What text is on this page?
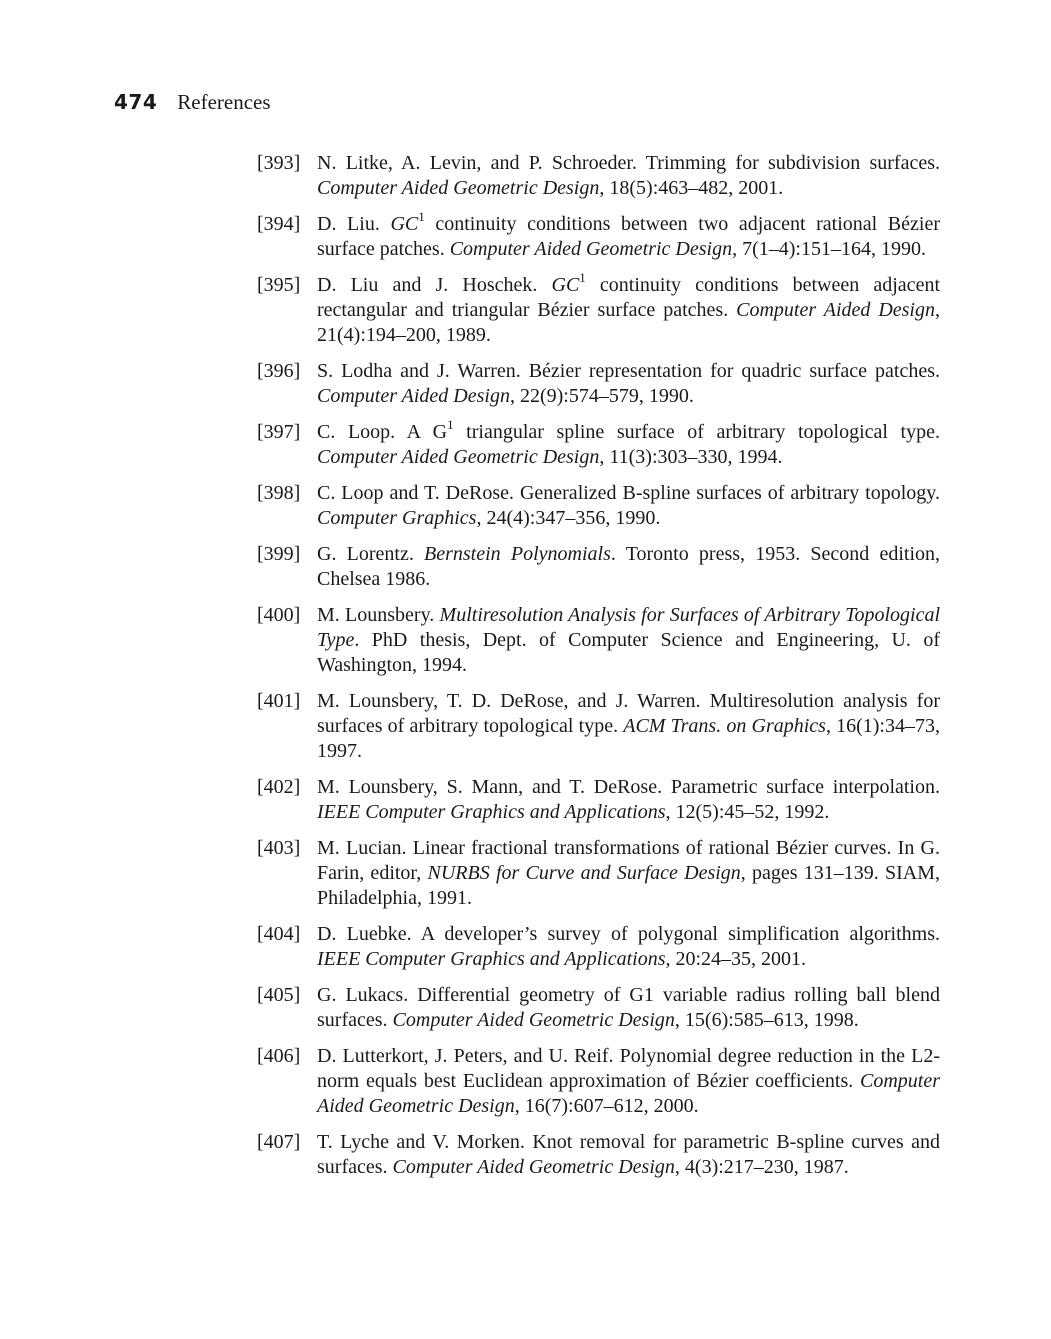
474 References
[393] N. Litke, A. Levin, and P. Schroeder. Trimming for subdivision surfaces. Computer Aided Geometric Design, 18(5):463–482, 2001.
[394] D. Liu. $GC^1$ continuity conditions between two adjacent rational Bézier surface patches. Computer Aided Geometric Design, 7(1–4):151–164, 1990.
[395] D. Liu and J. Hoschek. $GC^1$ continuity conditions between adjacent rectangular and triangular Bézier surface patches. Computer Aided Design, 21(4):194–200, 1989.
[396] S. Lodha and J. Warren. Bézier representation for quadric surface patches. Computer Aided Design, 22(9):574–579, 1990.
[397] C. Loop. A $G^1$ triangular spline surface of arbitrary topological type. Computer Aided Geometric Design, 11(3):303–330, 1994.
[398] C. Loop and T. DeRose. Generalized B-spline surfaces of arbitrary topology. Computer Graphics, 24(4):347–356, 1990.
[399] G. Lorentz. Bernstein Polynomials. Toronto press, 1953. Second edition, Chelsea 1986.
[400] M. Lounsbery. Multiresolution Analysis for Surfaces of Arbitrary Topological Type. PhD thesis, Dept. of Computer Science and Engineering, U. of Washington, 1994.
[401] M. Lounsbery, T. D. DeRose, and J. Warren. Multiresolution analysis for surfaces of arbitrary topological type. ACM Trans. on Graphics, 16(1):34–73, 1997.
[402] M. Lounsbery, S. Mann, and T. DeRose. Parametric surface interpolation. IEEE Computer Graphics and Applications, 12(5):45–52, 1992.
[403] M. Lucian. Linear fractional transformations of rational Bézier curves. In G. Farin, editor, NURBS for Curve and Surface Design, pages 131–139. SIAM, Philadelphia, 1991.
[404] D. Luebke. A developer’s survey of polygonal simplification algorithms. IEEE Computer Graphics and Applications, 20:24–35, 2001.
[405] G. Lukacs. Differential geometry of G1 variable radius rolling ball blend surfaces. Computer Aided Geometric Design, 15(6):585–613, 1998.
[406] D. Lutterkort, J. Peters, and U. Reif. Polynomial degree reduction in the L2-norm equals best Euclidean approximation of Bézier coefficients. Computer Aided Geometric Design, 16(7):607–612, 2000.
[407] T. Lyche and V. Morken. Knot removal for parametric B-spline curves and surfaces. Computer Aided Geometric Design, 4(3):217–230, 1987.
